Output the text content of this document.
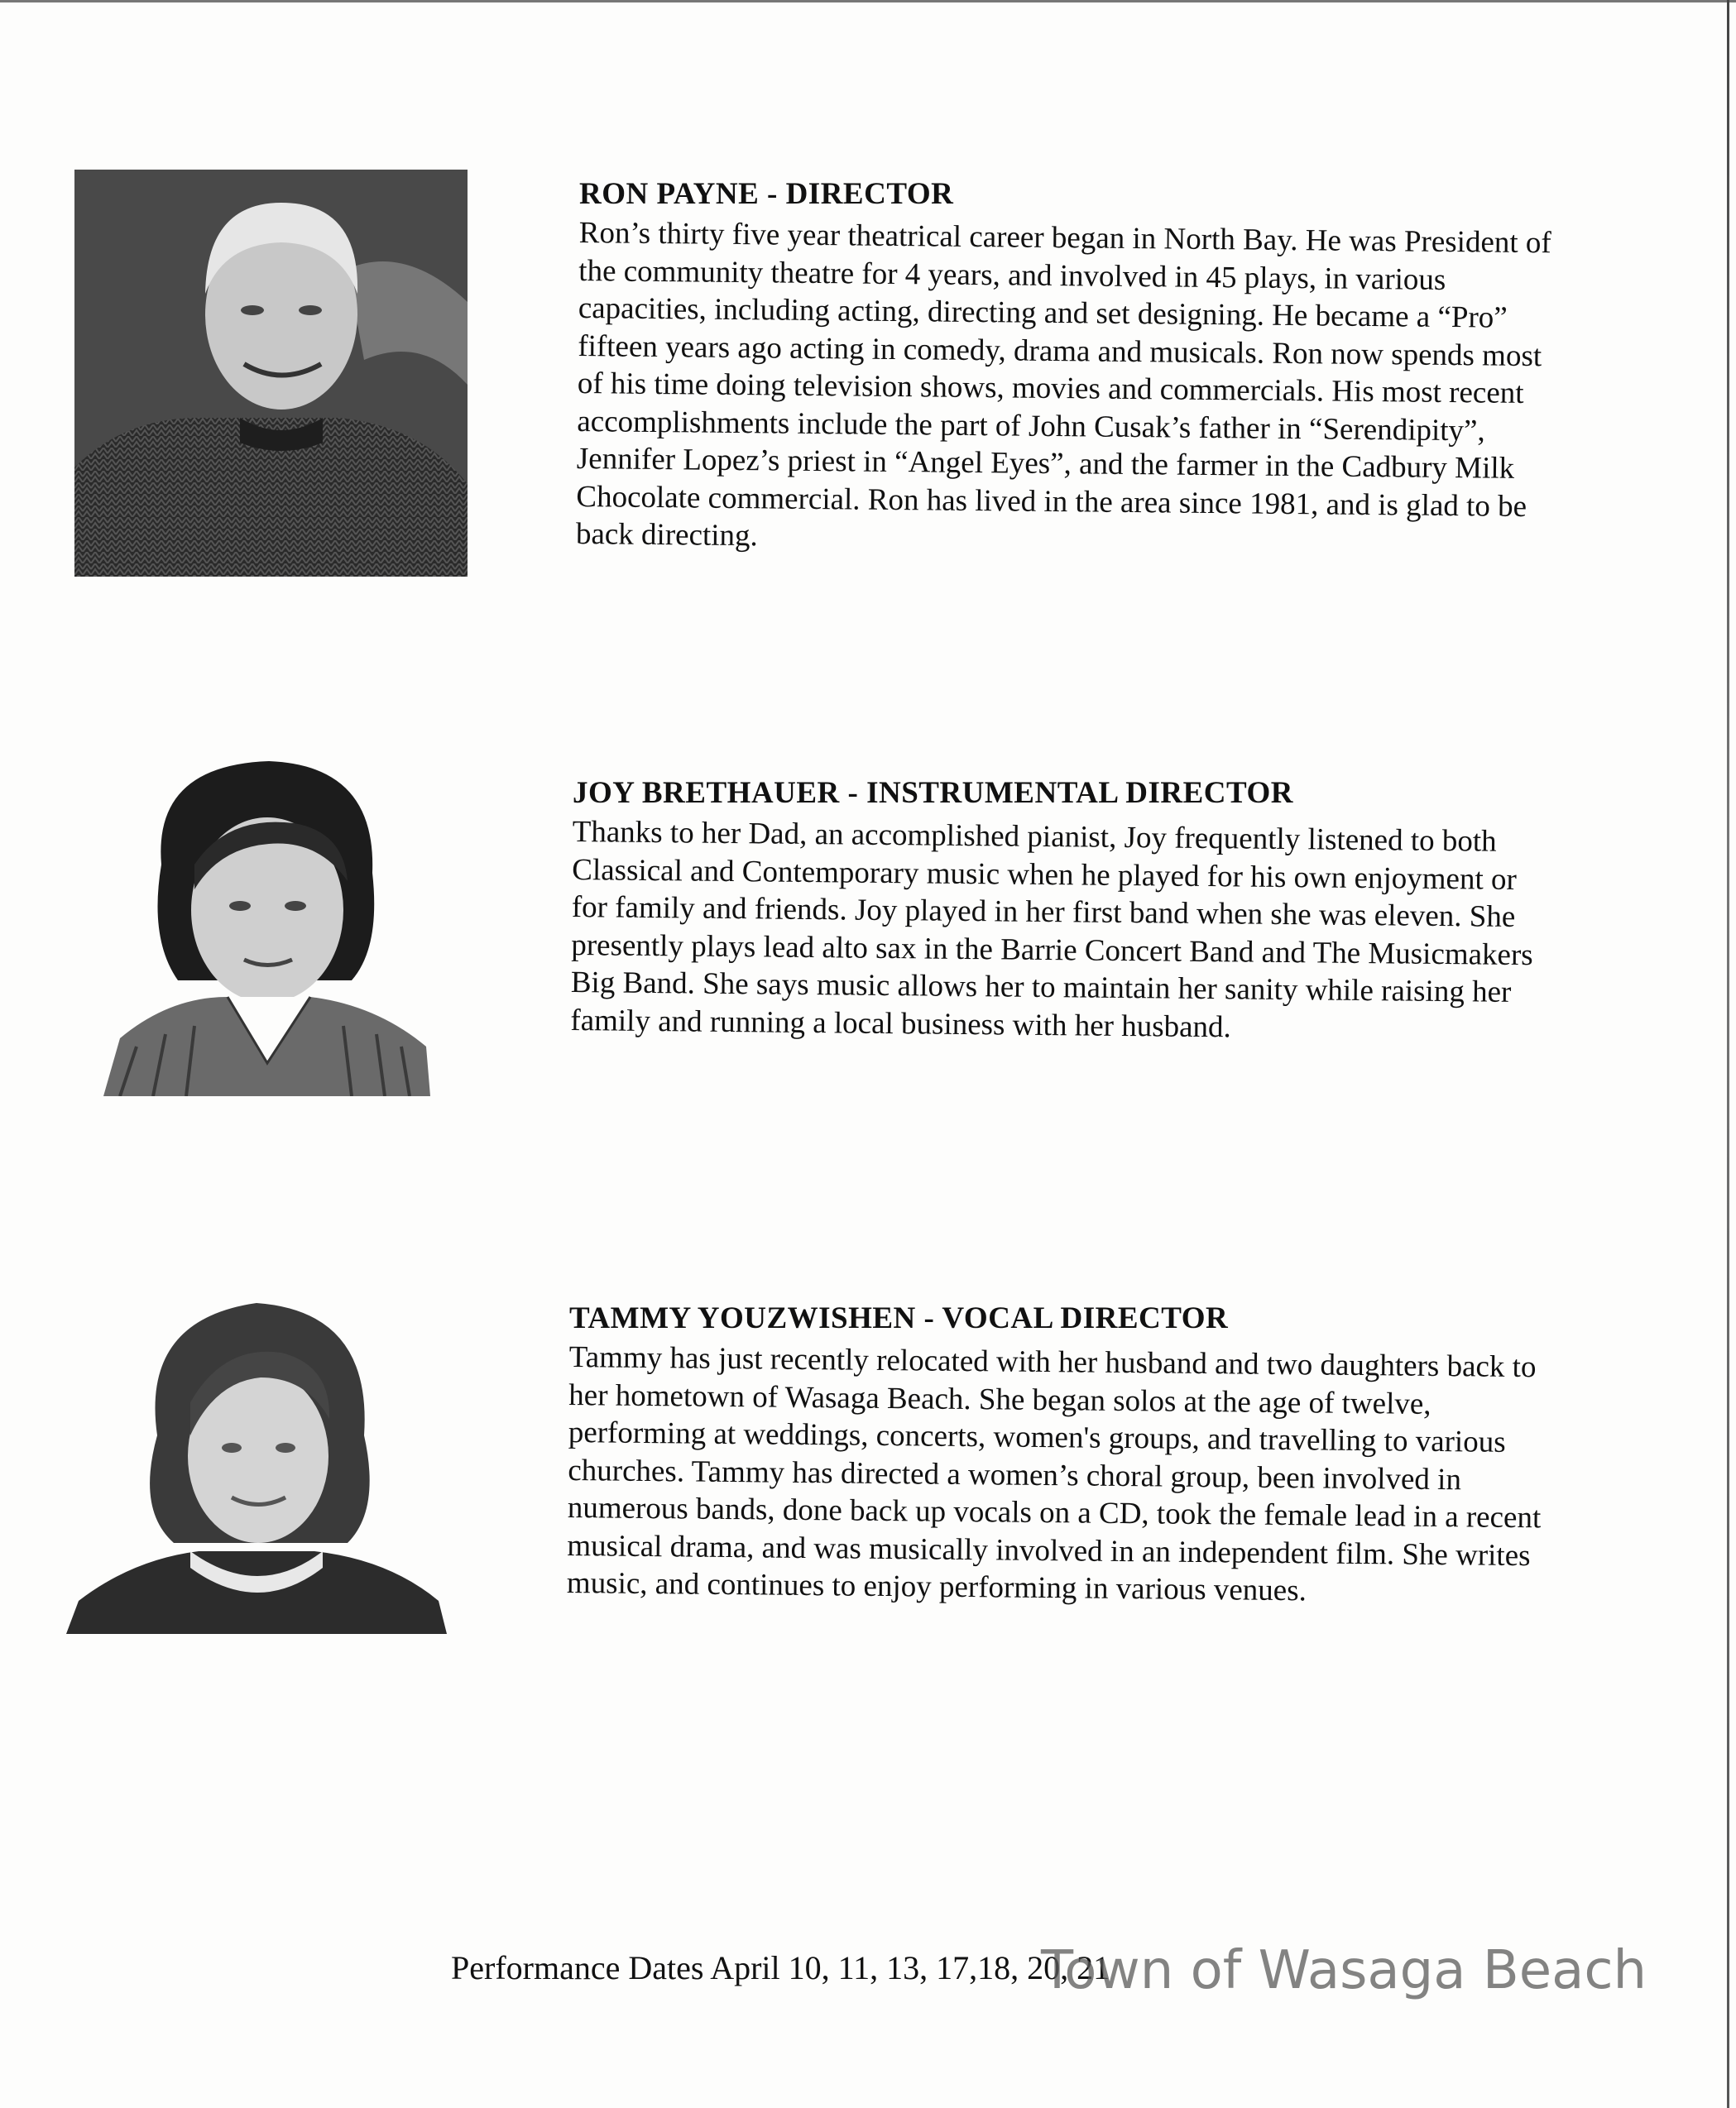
RON PAYNE - DIRECTOR

Ron’s thirty five year theatrical career began in North Bay. He was President of the community theatre for 4 years, and involved in 45 plays, in various capacities, including acting, directing and set designing. He became a “Pro” fifteen years ago acting in comedy, drama and musicals. Ron now spends most of his time doing television shows, movies and commercials. His most recent accomplishments include the part of John Cusak’s father in “Serendipity”, Jennifer Lopez’s priest in “Angel Eyes”, and the farmer in the Cadbury Milk Chocolate commercial. Ron has lived in the area since 1981, and is glad to be back directing.

JOY BRETHAUER - INSTRUMENTAL DIRECTOR

Thanks to her Dad, an accomplished pianist, Joy frequently listened to both Classical and Contemporary music when he played for his own enjoyment or for family and friends. Joy played in her first band when she was eleven. She presently plays lead alto sax in the Barrie Concert Band and The Musicmakers Big Band. She says music allows her to maintain her sanity while raising her family and running a local business with her husband.

TAMMY YOUZWISHEN - VOCAL DIRECTOR

Tammy has just recently relocated with her husband and two daughters back to her hometown of Wasaga Beach. She began solos at the age of twelve, performing at weddings, concerts, women's groups, and travelling to various churches. Tammy has directed a women’s choral group, been involved in numerous bands, done back up vocals on a CD, took the female lead in a recent musical drama, and was musically involved in an independent film. She writes music, and continues to enjoy performing in various venues.

Performance Dates April 10, 11, 13, 17,18, 20, 21
Town of Wasaga Beach
